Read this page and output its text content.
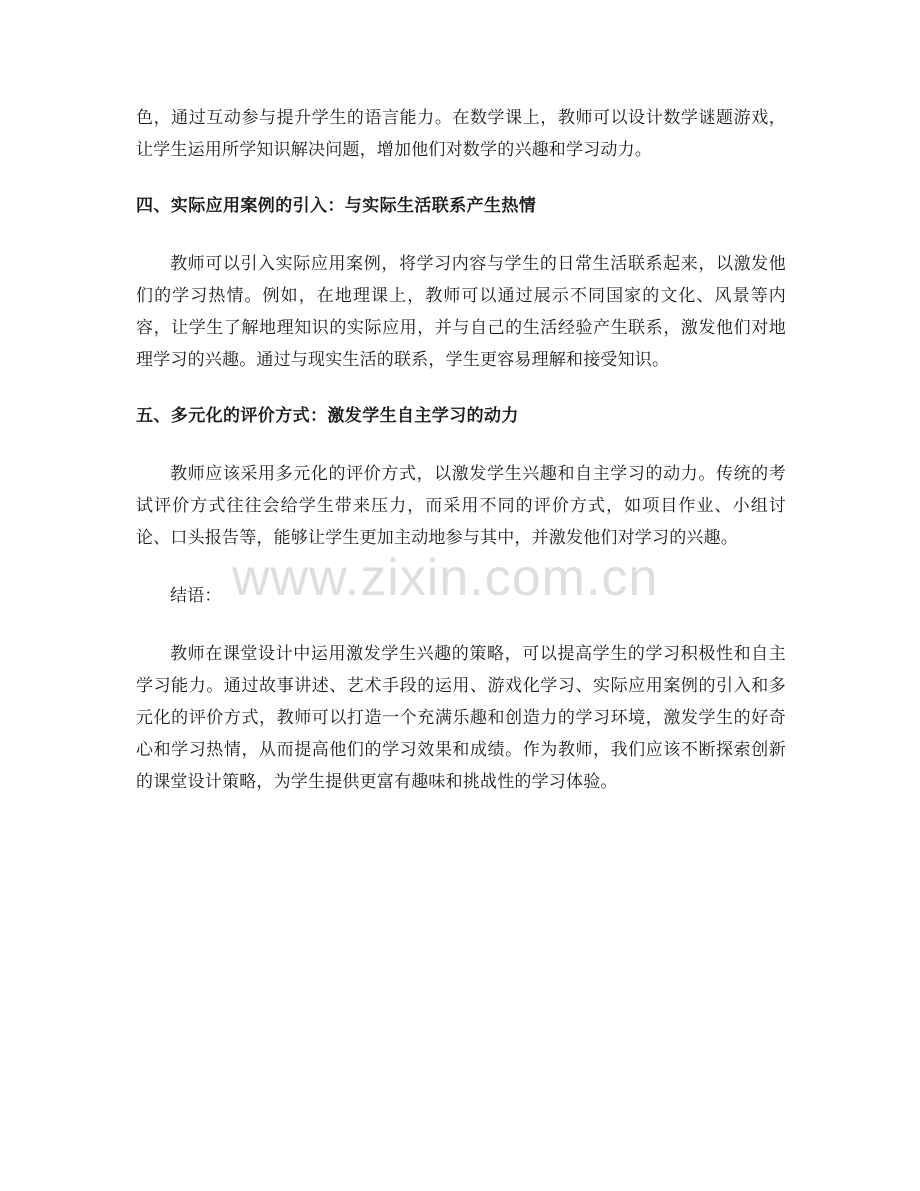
色，通过互动参与提升学生的语言能力。在数学课上，教师可以设计数学谜题游戏，让学生运用所学知识解决问题，增加他们对数学的兴趣和学习动力。

四、实际应用案例的引入：与实际生活联系产生热情

教师可以引入实际应用案例，将学习内容与学生的日常生活联系起来，以激发他们的学习热情。例如，在地理课上，教师可以通过展示不同国家的文化、风景等内容，让学生了解地理知识的实际应用，并与自己的生活经验产生联系，激发他们对地理学习的兴趣。通过与现实生活的联系，学生更容易理解和接受知识。

五、多元化的评价方式：激发学生自主学习的动力

教师应该采用多元化的评价方式，以激发学生兴趣和自主学习的动力。传统的考试评价方式往往会给学生带来压力，而采用不同的评价方式，如项目作业、小组讨论、口头报告等，能够让学生更加主动地参与其中，并激发他们对学习的兴趣。

结语：

教师在课堂设计中运用激发学生兴趣的策略，可以提高学生的学习积极性和自主学习能力。通过故事讲述、艺术手段的运用、游戏化学习、实际应用案例的引入和多元化的评价方式，教师可以打造一个充满乐趣和创造力的学习环境，激发学生的好奇心和学习热情，从而提高他们的学习效果和成绩。作为教师，我们应该不断探索创新的课堂设计策略，为学生提供更富有趣味和挑战性的学习体验。

www.zixin.com.cn
